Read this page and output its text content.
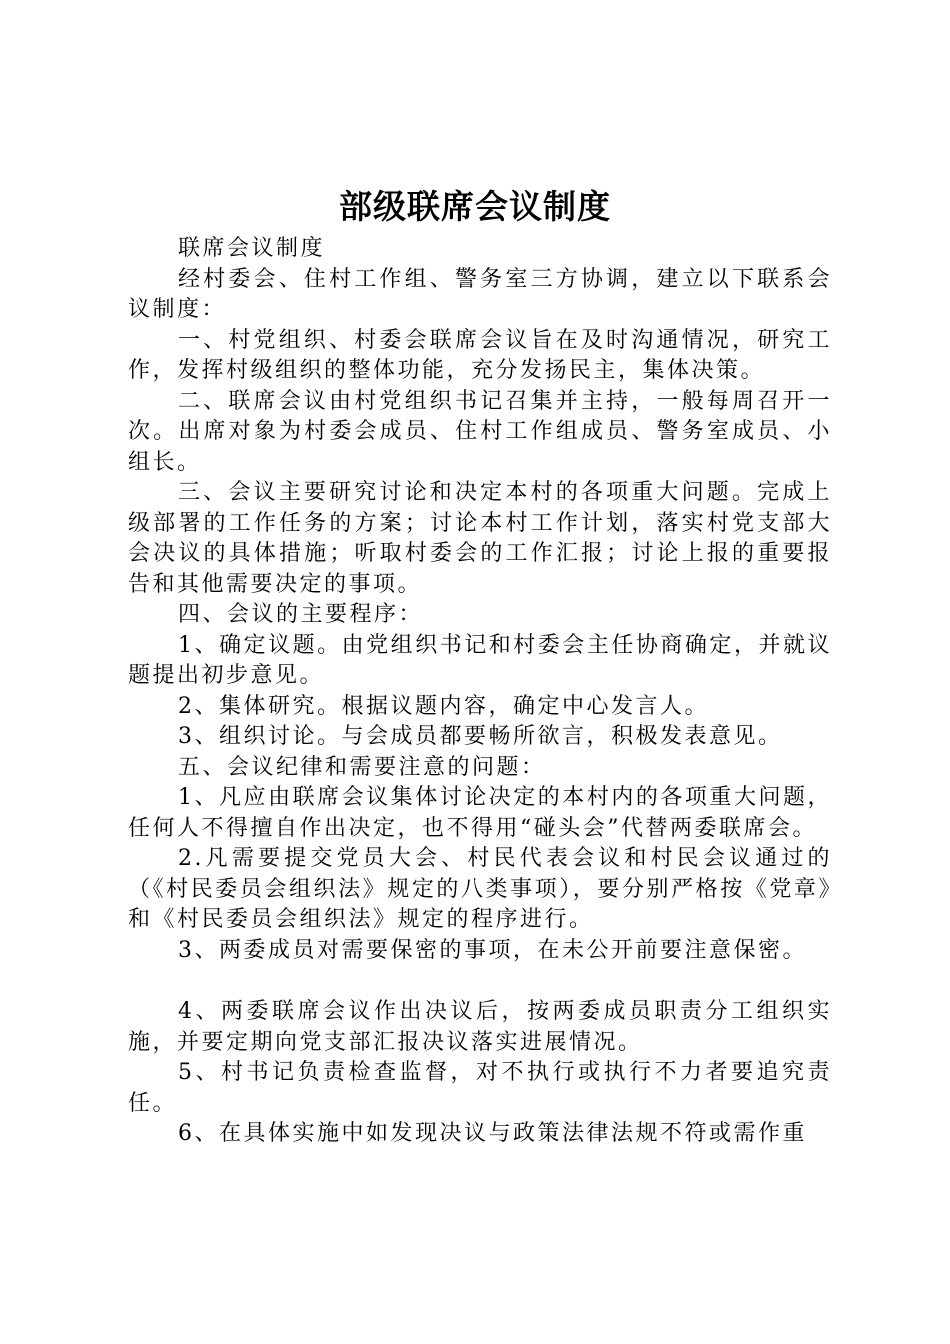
部级联席会议制度

联席会议制度

经村委会、住村工作组、警务室三方协调，建立以下联系会议制度：

一、村党组织、村委会联席会议旨在及时沟通情况，研究工作，发挥村级组织的整体功能，充分发扬民主，集体决策。

二、联席会议由村党组织书记召集并主持，一般每周召开一次。出席对象为村委会成员、住村工作组成员、警务室成员、小组长。

三、会议主要研究讨论和决定本村的各项重大问题。完成上级部署的工作任务的方案；讨论本村工作计划，落实村党支部大会决议的具体措施；听取村委会的工作汇报；讨论上报的重要报告和其他需要决定的事项。

四、会议的主要程序：

1、确定议题。由党组织书记和村委会主任协商确定，并就议题提出初步意见。

2、集体研究。根据议题内容，确定中心发言人。

3、组织讨论。与会成员都要畅所欲言，积极发表意见。

五、会议纪律和需要注意的问题：

1、凡应由联席会议集体讨论决定的本村内的各项重大问题，任何人不得擅自作出决定，也不得用“碰头会”代替两委联席会。

2.凡需要提交党员大会、村民代表会议和村民会议通过的（《村民委员会组织法》规定的八类事项），要分别严格按《党章》和《村民委员会组织法》规定的程序进行。

3、两委成员对需要保密的事项，在未公开前要注意保密。

4、两委联席会议作出决议后，按两委成员职责分工组织实施，并要定期向党支部汇报决议落实进展情况。

5、村书记负责检查监督，对不执行或执行不力者要追究责任。

6、在具体实施中如发现决议与政策法律法规不符或需作重
